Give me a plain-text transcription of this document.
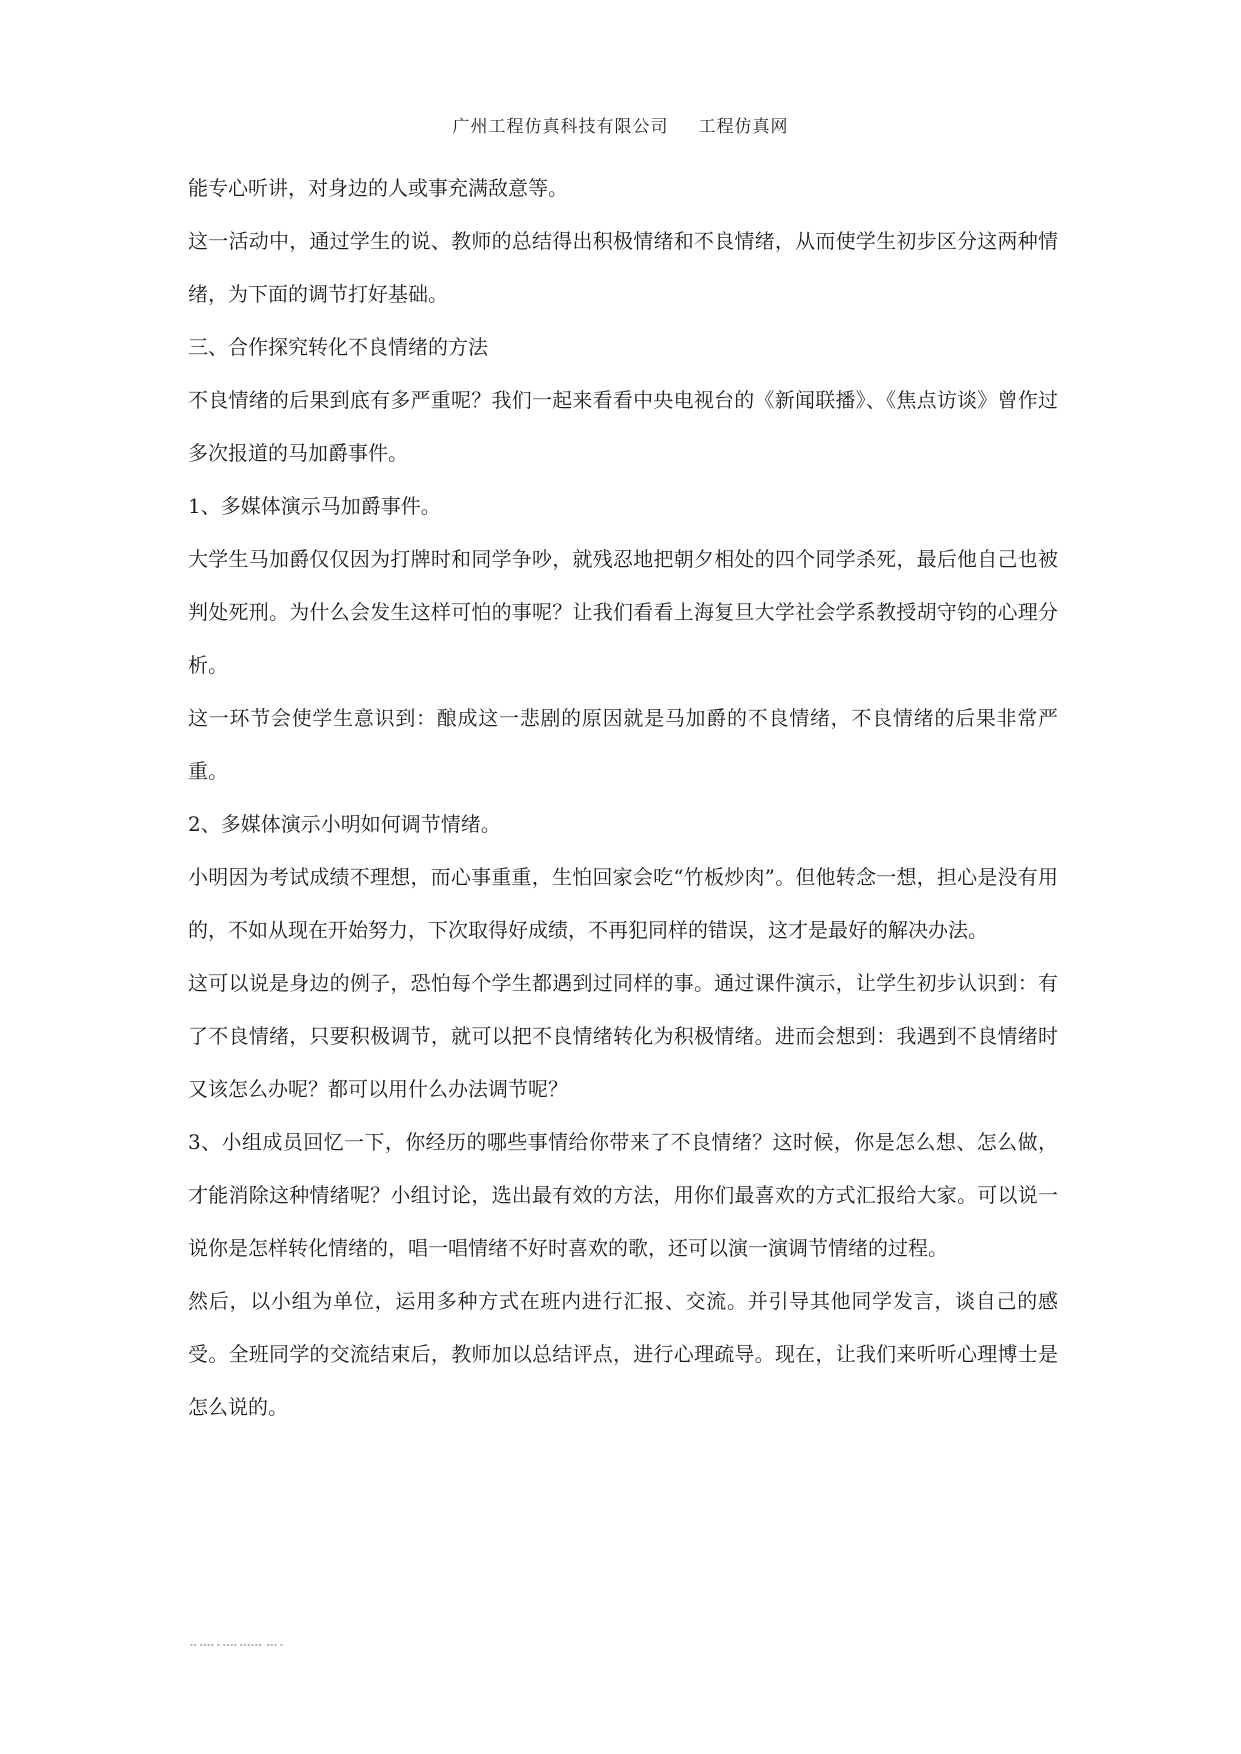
广州工程仿真科技有限公司 工程仿真网

能专心听讲，对身边的人或事充满敌意等。

这一活动中，通过学生的说、教师的总结得出积极情绪和不良情绪，从而使学生初步区分这两种情绪，为下面的调节打好基础。

三、合作探究转化不良情绪的方法

不良情绪的后果到底有多严重呢？我们一起来看看中央电视台的《新闻联播》、《焦点访谈》曾作过多次报道的马加爵事件。

1、多媒体演示马加爵事件。

大学生马加爵仅仅因为打牌时和同学争吵，就残忍地把朝夕相处的四个同学杀死，最后他自己也被判处死刑。为什么会发生这样可怕的事呢？让我们看看上海复旦大学社会学系教授胡守钧的心理分析。

这一环节会使学生意识到：酿成这一悲剧的原因就是马加爵的不良情绪，不良情绪的后果非常严重。

2、多媒体演示小明如何调节情绪。

小明因为考试成绩不理想，而心事重重，生怕回家会吃“竹板炒肉”。但他转念一想，担心是没有用的，不如从现在开始努力，下次取得好成绩，不再犯同样的错误，这才是最好的解决办法。

这可以说是身边的例子，恐怕每个学生都遇到过同样的事。通过课件演示，让学生初步认识到：有了不良情绪，只要积极调节，就可以把不良情绪转化为积极情绪。进而会想到：我遇到不良情绪时又该怎么办呢？都可以用什么办法调节呢？

3、小组成员回忆一下，你经历的哪些事情给你带来了不良情绪？这时候，你是怎么想、怎么做，才能消除这种情绪呢？小组讨论，选出最有效的方法，用你们最喜欢的方式汇报给大家。可以说一说你是怎样转化情绪的，唱一唱情绪不好时喜欢的歌，还可以演一演调节情绪的过程。

然后，以小组为单位，运用多种方式在班内进行汇报、交流。并引导其他同学发言，谈自己的感受。全班同学的交流结束后，教师加以总结评点，进行心理疏导。现在，让我们来听听心理博士是怎么说的。

▪▪ ▪▪▪▪ ▪.▪▪▪▪ ▪▪▪▪▪▪ .▪▪▪.▪
